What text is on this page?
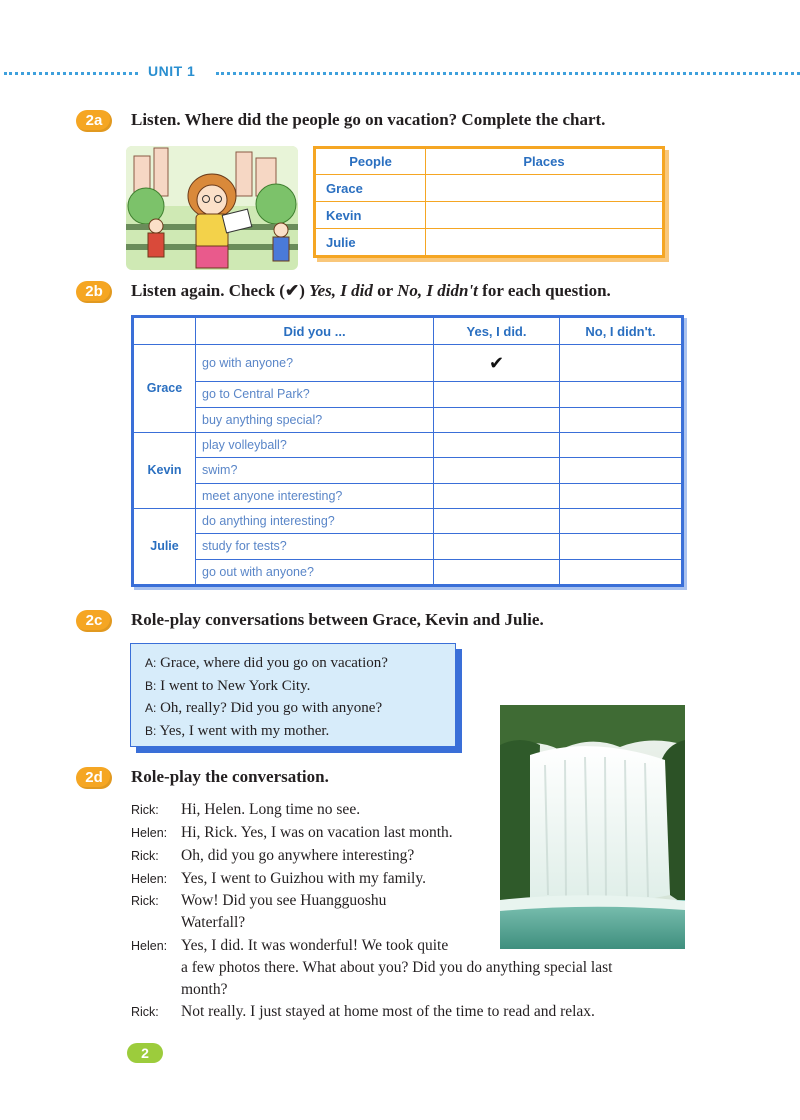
UNIT 1
2a	Listen. Where did the people go on vacation? Complete the chart.
People	Places
Grace	
Kevin	
Julie	
2b	Listen again. Check (✔) Yes, I did or No, I didn't for each question.
	Did you ...	Yes, I did.	No, I didn't.
Grace	go with anyone?	✔	
	go to Central Park?		
	buy anything special?		
Kevin	play volleyball?		
	swim?		
	meet anyone interesting?		
Julie	do anything interesting?		
	study for tests?		
	go out with anyone?		
2c	Role-play conversations between Grace, Kevin and Julie.
A: Grace, where did you go on vacation?
B: I went to New York City.
A: Oh, really? Did you go with anyone?
B: Yes, I went with my mother.
2d	Role-play the conversation.
Rick: Hi, Helen. Long time no see.
Helen: Hi, Rick. Yes, I was on vacation last month.
Rick: Oh, did you go anywhere interesting?
Helen: Yes, I went to Guizhou with my family.
Rick: Wow! Did you see Huangguoshu
Waterfall?
Helen: Yes, I did. It was wonderful! We took quite
a few photos there. What about you? Did you do anything special last
month?
Rick: Not really. I just stayed at home most of the time to read and relax.
2
